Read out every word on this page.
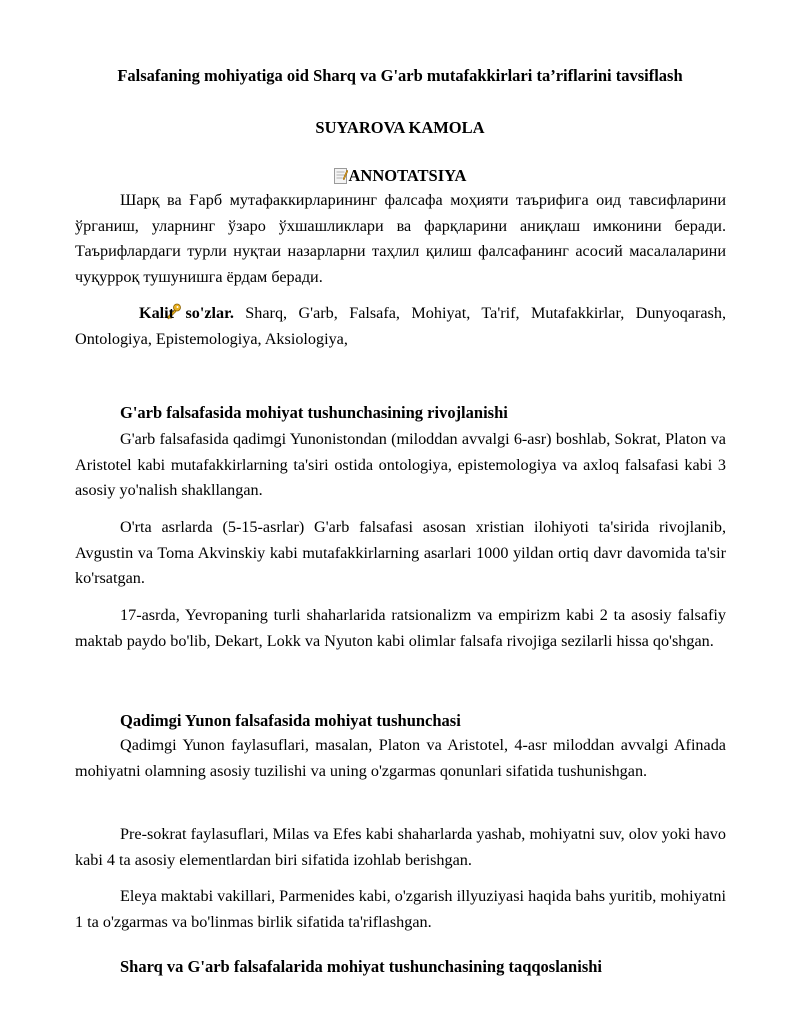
Falsafaning mohiyatiga oid Sharq va G'arb mutafakkirlari ta’riflarini tavsiflash
SUYAROVA KAMOLA
ANNOTATSIYA
Шарқ ва Ғарб мутафаккирларининг фалсафа моҳияти таърифига оид тавсифларини ўрганиш, уларнинг ўзаро ўхшашликлари ва фарқларини аниқлаш имконини беради. Таърифлардаги турли нуқтаи назарларни таҳлил қилиш фалсафанинг асосий масалаларини чуқурроқ тушунишга ёрдам беради.
Kalit so'zlar. Sharq, G'arb, Falsafa, Mohiyat, Ta'rif, Mutafakkirlar, Dunyoqarash, Ontologiya, Epistemologiya, Aksiologiya,
G'arb falsafasida mohiyat tushunchasining rivojlanishi
G'arb falsafasida qadimgi Yunonistondan (miloddan avvalgi 6-asr) boshlab, Sokrat, Platon va Aristotel kabi mutafakkirlarning ta'siri ostida ontologiya, epistemologiya va axloq falsafasi kabi 3 asosiy yo'nalish shakllangan.
O'rta asrlarda (5-15-asrlar) G'arb falsafasi asosan xristian ilohiyoti ta'sirida rivojlanib, Avgustin va Toma Akvinskiy kabi mutafakkirlarning asarlari 1000 yildan ortiq davr davomida ta'sir ko'rsatgan.
17-asrda, Yevropaning turli shaharlarida ratsionalizm va empirizm kabi 2 ta asosiy falsafiy maktab paydo bo'lib, Dekart, Lokk va Nyuton kabi olimlar falsafa rivojiga sezilarli hissa qo'shgan.
Qadimgi Yunon falsafasida mohiyat tushunchasi
Qadimgi Yunon faylasuflari, masalan, Platon va Aristotel, 4-asr miloddan avvalgi Afinada mohiyatni olamning asosiy tuzilishi va uning o'zgarmas qonunlari sifatida tushunishgan.
Pre-sokrat faylasuflari, Milas va Efes kabi shaharlarda yashab, mohiyatni suv, olov yoki havo kabi 4 ta asosiy elementlardan biri sifatida izohlab berishgan.
Eleya maktabi vakillari, Parmenides kabi, o'zgarish illyuziyasi haqida bahs yuritib, mohiyatni 1 ta o'zgarmas va bo'linmas birlik sifatida ta'riflashgan.
Sharq va G'arb falsafalarida mohiyat tushunchasining taqqoslanishi
